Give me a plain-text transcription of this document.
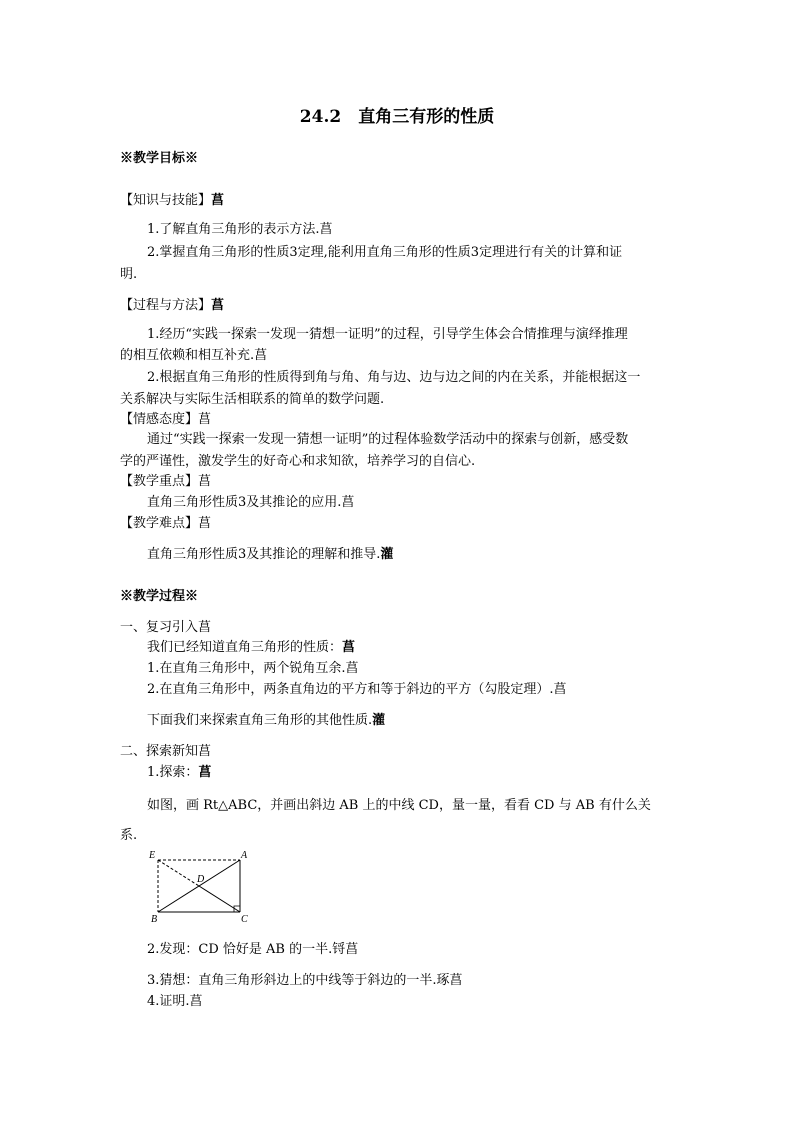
24.2　直角三有形的性质
※教学目标※
【知识与技能】菖
1.了解直角三角形的表示方法.菖
2.掌握直角三角形的性质3定理,能利用直角三角形的性质3定理进行有关的计算和证
明.
【过程与方法】菖
1.经历“实践一探索一发现一猜想一证明”的过程，引导学生体会合情推理与演绎推理
的相互依赖和相互补充.菖
2.根据直角三角形的性质得到角与角、角与边、边与边之间的内在关系，并能根据这一
关系解决与实际生活相联系的简单的数学问题.
【情感态度】菖
通过“实践一探索一发现一猜想一证明”的过程体验数学活动中的探索与创新，感受数
学的严谨性，激发学生的好奇心和求知欲，培养学习的自信心.
【教学重点】菖
直角三角形性质3及其推论的应用.菖
【教学难点】菖
直角三角形性质3及其推论的理解和推导.灌
※教学过程※
一、复习引入菖
我们已经知道直角三角形的性质：菖
1.在直角三角形中，两个锐角互余.菖
2.在直角三角形中，两条直角边的平方和等于斜边的平方（勾股定理）.菖
下面我们来探索直角三角形的其他性质.灌
二、探索新知菖
1.探索：菖
如图，画 Rt△ABC，并画出斜边 AB 上的中线 CD，量一量，看看 CD 与 AB 有什么关
系.
E	A
D
B	C
2.发现：CD 恰好是 AB 的一半.锊菖
3.猜想：直角三角形斜边上的中线等于斜边的一半.琢菖
4.证明.菖
